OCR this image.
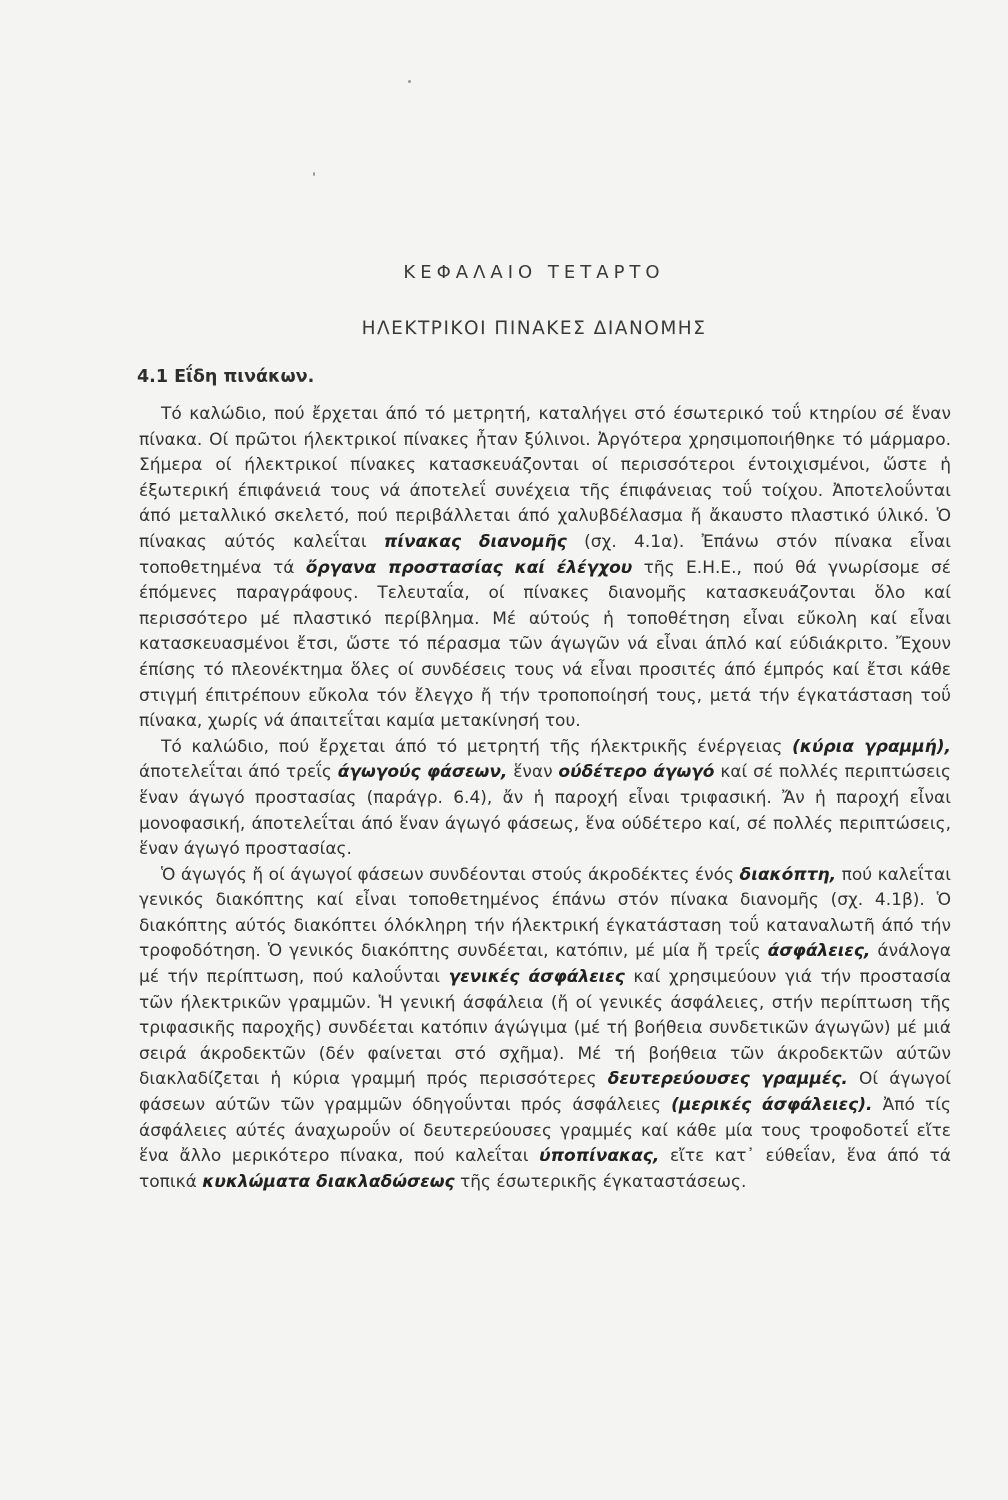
ΚΕΦΑΛΑΙΟ ΤΕΤΑΡΤΟ
ΗΛΕΚΤΡΙΚΟΙ ΠΙΝΑΚΕΣ ΔΙΑΝΟΜΗΣ
4.1 Εΐδη πινάκων.

Τό καλώδιο, πού ἔρχεται άπό τό μετρητή, καταλήγει στό έσωτερικό τοΰ κτηρίου σέ ἕναν πίνακα. Οί πρῶτοι ήλεκτρικοί πίνακες ἦταν ξύλινοι. Ἀργότερα χρησιμοποιήθηκε τό μάρμαρο. Σήμερα οί ήλεκτρικοί πίνακες κατασκευάζονται οί περισσότεροι έντοιχισμένοι, ὥστε ἡ έξωτερική έπιφάνειά τους νά άποτελεΐ συνέχεια τῆς έπιφάνειας τοΰ τοίχου. Ἀποτελοΰνται άπό μεταλλικό σκελετό, πού περιβάλλεται άπό χαλυβδέλασμα ἤ ἄκαυστο πλαστικό ύλικό. Ὁ πίνακας αύτός καλεΐται πίνακας διανομῆς (σχ. 4.1α). Ἐπάνω στόν πίνακα εἶναι τοποθετημένα τά ὄργανα προστασίας καί έλέγχου τῆς Ε.Η.Ε., πού θά γνωρίσομε σέ έπόμενες παραγράφους. Τελευταΐα, οί πίνακες διανομῆς κατασκευάζονται ὅλο καί περισσότερο μέ πλαστικό περίβλημα. Μέ αύτούς ἡ τοποθέτηση εἶναι εὔκολη καί εἶναι κατασκευασμένοι ἔτσι, ὥστε τό πέρασμα τῶν άγωγῶν νά εἶναι άπλό καί εύδιάκριτο. Ἔχουν έπίσης τό πλεονέκτημα ὅλες οί συνδέσεις τους νά εἶναι προσιτές άπό έμπρός καί ἔτσι κάθε στιγμή έπιτρέπουν εὔκολα τόν ἔλεγχο ἤ τήν τροποποίησή τους, μετά τήν έγκατάσταση τοΰ πίνακα, χωρίς νά άπαιτεΐται καμία μετακίνησή του.

Τό καλώδιο, πού ἔρχεται άπό τό μετρητή τῆς ήλεκτρικῆς ένέργειας (κύρια γραμμή), άποτελεΐται άπό τρεΐς άγωγούς φάσεων, ἕναν ούδέτερο άγωγό καί σέ πολλές περιπτώσεις ἕναν άγωγό προστασίας (παράγρ. 6.4), ἄν ἡ παροχή εἶναι τριφασική. Ἄν ἡ παροχή εἶναι μονοφασική, άποτελεΐται άπό ἕναν άγωγό φάσεως, ἕνα ούδέτερο καί, σέ πολλές περιπτώσεις, ἕναν άγωγό προστασίας.

Ὁ άγωγός ἤ οί άγωγοί φάσεων συνδέονται στούς άκροδέκτες ένός διακόπτη, πού καλεΐται γενικός διακόπτης καί εἶναι τοποθετημένος έπάνω στόν πίνακα διανομῆς (σχ. 4.1β). Ὁ διακόπτης αύτός διακόπτει όλόκληρη τήν ήλεκτρική έγκατάσταση τοΰ καταναλωτῆ άπό τήν τροφοδότηση. Ὁ γενικός διακόπτης συνδέεται, κατόπιν, μέ μία ἤ τρεΐς άσφάλειες, άνάλογα μέ τήν περίπτωση, πού καλοΰνται γενικές άσφάλειες καί χρησιμεύουν γιά τήν προστασία τῶν ήλεκτρικῶν γραμμῶν. Ἡ γενική άσφάλεια (ἤ οί γενικές άσφάλειες, στήν περίπτωση τῆς τριφασικῆς παροχῆς) συνδέεται κατόπιν άγώγιμα (μέ τή βοήθεια συνδετικῶν άγωγῶν) μέ μιά σειρά άκροδεκτῶν (δέν φαίνεται στό σχῆμα). Μέ τή βοήθεια τῶν άκροδεκτῶν αύτῶν διακλαδίζεται ἡ κύρια γραμμή πρός περισσότερες δευτερεύουσες γραμμές. Οί άγωγοί φάσεων αύτῶν τῶν γραμμῶν όδηγοΰνται πρός άσφάλειες (μερικές άσφάλειες). Ἀπό τίς άσφάλειες αύτές άναχωροΰν οί δευτερεύουσες γραμμές καί κάθε μία τους τροφοδοτεΐ εἴτε ἕνα ἄλλο μερικότερο πίνακα, πού καλεΐται ύποπίνακας, εἴτε κατ᾽ εύθεΐαν, ἕνα άπό τά τοπικά κυκλώματα διακλαδώσεως τῆς έσωτερικῆς έγκαταστάσεως.
